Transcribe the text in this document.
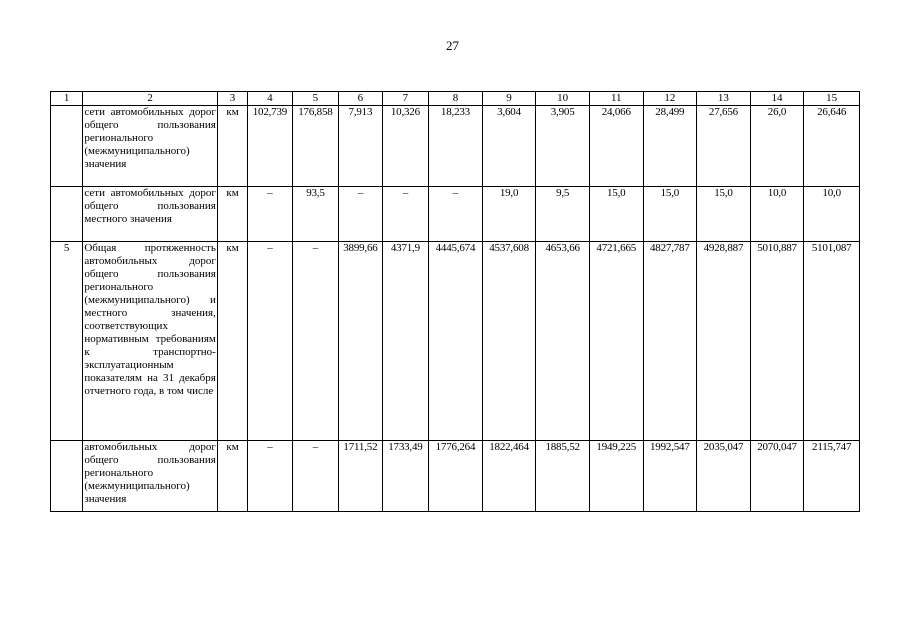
27
1	2	3	4	5	6	7	8	9	10	11	12	13	14	15
	сети автомобильных дорог общего пользования регионального (межмуниципального) значения	км	102,739	176,858	7,913	10,326	18,233	3,604	3,905	24,066	28,499	27,656	26,0	26,646
	сети автомобильных дорог общего пользования местного значения	км	–	93,5	–	–	–	19,0	9,5	15,0	15,0	15,0	10,0	10,0
5	Общая протяженность автомобильных дорог общего пользования регионального (межмуниципального) и местного значения, соответствующих нормативным требованиям к транспортно-эксплуатационным показателям на 31 декабря отчетного года, в том числе	км	–	–	3899,66	4371,9	4445,674	4537,608	4653,66	4721,665	4827,787	4928,887	5010,887	5101,087
	автомобильных дорог общего пользования регионального (межмуниципального) значения	км	–	–	1711,52	1733,49	1776,264	1822,464	1885,52	1949,225	1992,547	2035,047	2070,047	2115,747
